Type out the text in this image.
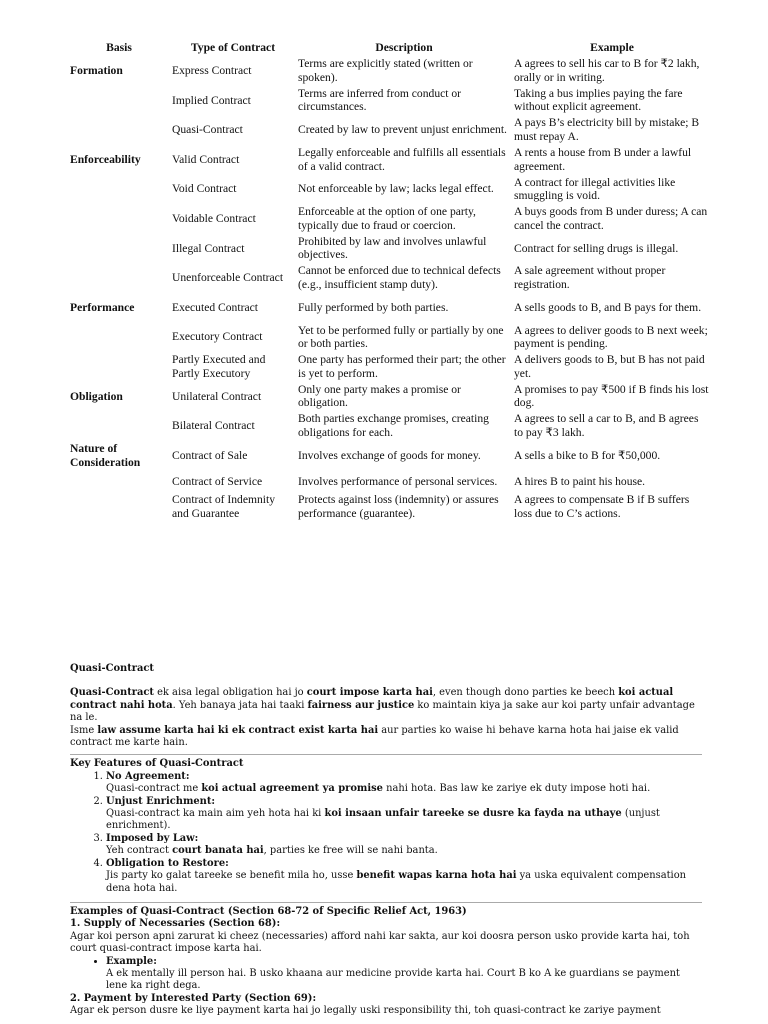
Basis	Type of Contract	Description	Example
Formation	Express Contract	Terms are explicitly stated (written or spoken).	A agrees to sell his car to B for ₹2 lakh, orally or in writing.
	Implied Contract	Terms are inferred from conduct or circumstances.	Taking a bus implies paying the fare without explicit agreement.
	Quasi-Contract	Created by law to prevent unjust enrichment.	A pays B’s electricity bill by mistake; B must repay A.
Enforceability	Valid Contract	Legally enforceable and fulfills all essentials of a valid contract.	A rents a house from B under a lawful agreement.
	Void Contract	Not enforceable by law; lacks legal effect.	A contract for illegal activities like smuggling is void.
	Voidable Contract	Enforceable at the option of one party, typically due to fraud or coercion.	A buys goods from B under duress; A can cancel the contract.
	Illegal Contract	Prohibited by law and involves unlawful objectives.	Contract for selling drugs is illegal.
	Unenforceable Contract	Cannot be enforced due to technical defects (e.g., insufficient stamp duty).	A sale agreement without proper registration.
Performance	Executed Contract	Fully performed by both parties.	A sells goods to B, and B pays for them.
	Executory Contract	Yet to be performed fully or partially by one or both parties.	A agrees to deliver goods to B next week; payment is pending.
	Partly Executed and Partly Executory	One party has performed their part; the other is yet to perform.	A delivers goods to B, but B has not paid yet.
Obligation	Unilateral Contract	Only one party makes a promise or obligation.	A promises to pay ₹500 if B finds his lost dog.
	Bilateral Contract	Both parties exchange promises, creating obligations for each.	A agrees to sell a car to B, and B agrees to pay ₹3 lakh.
Nature of Consideration	Contract of Sale	Involves exchange of goods for money.	A sells a bike to B for ₹50,000.
	Contract of Service	Involves performance of personal services.	A hires B to paint his house.
	Contract of Indemnity and Guarantee	Protects against loss (indemnity) or assures performance (guarantee).	A agrees to compensate B if B suffers loss due to C’s actions.
Quasi-Contract
Quasi-Contract ek aisa legal obligation hai jo court impose karta hai, even though dono parties ke beech koi actual contract nahi hota. Yeh banaya jata hai taaki fairness aur justice ko maintain kiya ja sake aur koi party unfair advantage na le.
Isme law assume karta hai ki ek contract exist karta hai aur parties ko waise hi behave karna hota hai jaise ek valid contract me karte hain.
Key Features of Quasi-Contract
1. No Agreement:
Quasi-contract me koi actual agreement ya promise nahi hota. Bas law ke zariye ek duty impose hoti hai.
2. Unjust Enrichment:
Quasi-contract ka main aim yeh hota hai ki koi insaan unfair tareeke se dusre ka fayda na uthaye (unjust enrichment).
3. Imposed by Law:
Yeh contract court banata hai, parties ke free will se nahi banta.
4. Obligation to Restore:
Jis party ko galat tareeke se benefit mila ho, usse benefit wapas karna hota hai ya uska equivalent compensation dena hota hai.
Examples of Quasi-Contract (Section 68-72 of Specific Relief Act, 1963)
1. Supply of Necessaries (Section 68):
Agar koi person apni zarurat ki cheez (necessaries) afford nahi kar sakta, aur koi doosra person usko provide karta hai, toh court quasi-contract impose karta hai.
• Example:
A ek mentally ill person hai. B usko khaana aur medicine provide karta hai. Court B ko A ke guardians se payment lene ka right dega.
2. Payment by Interested Party (Section 69):
Agar ek person dusre ke liye payment karta hai jo legally uski responsibility thi, toh quasi-contract ke zariye payment
